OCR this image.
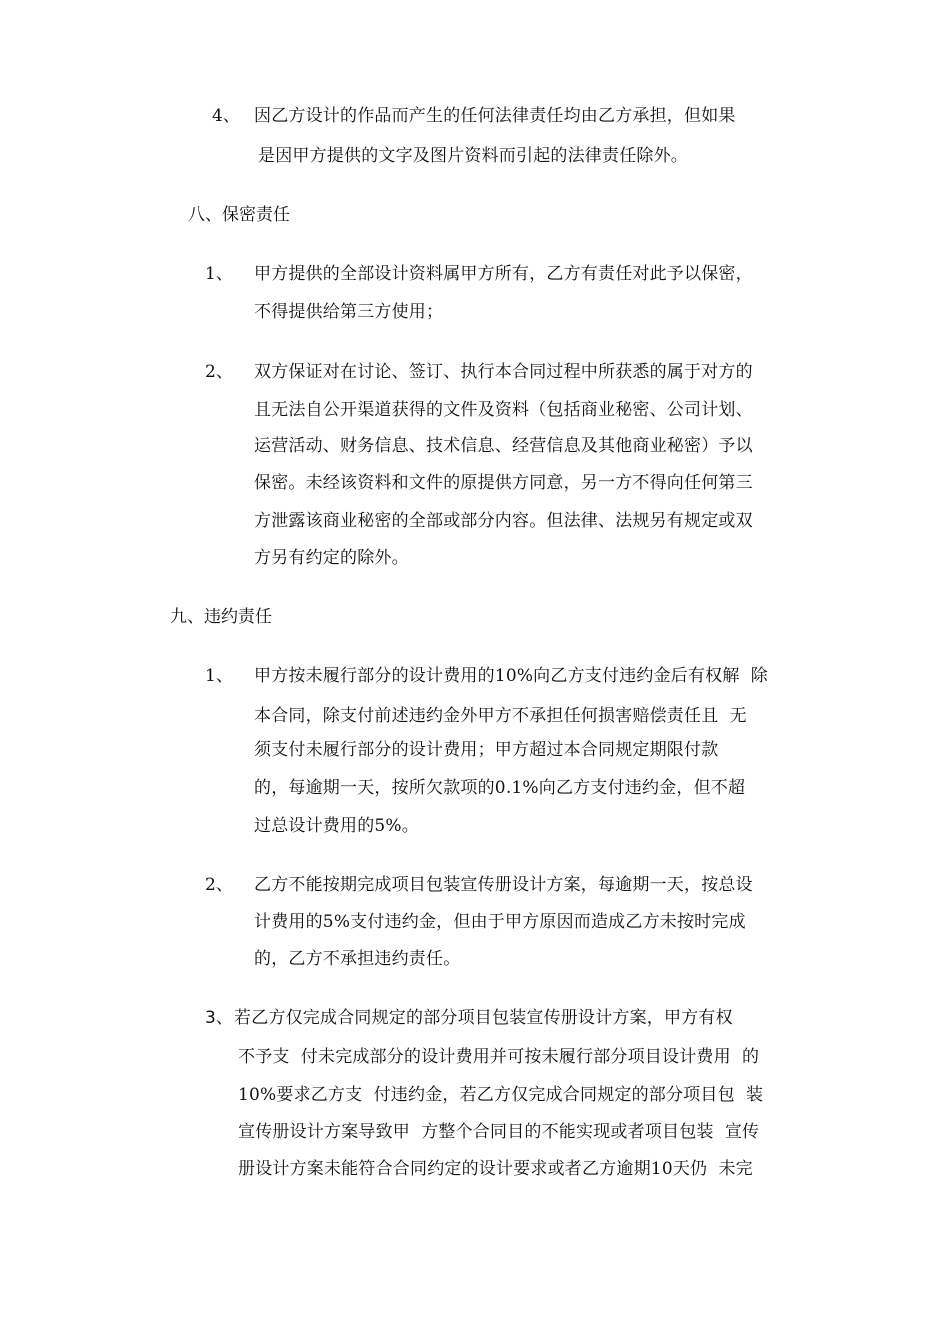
4、 因乙方设计的作品而产生的任何法律责任均由乙方承担，但如果
是因甲方提供的文字及图片资料而引起的法律责任除外。
八、保密责任
1、 甲方提供的全部设计资料属甲方所有，乙方有责任对此予以保密，
不得提供给第三方使用；
2、 双方保证对在讨论、签订、执行本合同过程中所获悉的属于对方的
且无法自公开渠道获得的文件及资料（包括商业秘密、公司计划、
运营活动、财务信息、技术信息、经营信息及其他商业秘密）予以
保密。未经该资料和文件的原提供方同意，另一方不得向任何第三
方泄露该商业秘密的全部或部分内容。但法律、法规另有规定或双
方另有约定的除外。
九、违约责任
1、 甲方按未履行部分的设计费用的10%向乙方支付违约金后有权解  除
本合同，除支付前述违约金外甲方不承担任何损害赔偿责任且  无
须支付未履行部分的设计费用；甲方超过本合同规定期限付款
的，每逾期一天，按所欠款项的0.1%向乙方支付违约金，但不超
过总设计费用的5%。
2、 乙方不能按期完成项目包装宣传册设计方案，每逾期一天，按总设
计费用的5%支付违约金，但由于甲方原因而造成乙方未按时完成
的，乙方不承担违约责任。
3、 若乙方仅完成合同规定的部分项目包装宣传册设计方案，甲方有权
不予支  付未完成部分的设计费用并可按未履行部分项目设计费用  的
10%要求乙方支  付违约金，若乙方仅完成合同规定的部分项目包  装
宣传册设计方案导致甲  方整个合同目的不能实现或者项目包装  宣传
册设计方案未能符合合同约定的设计要求或者乙方逾期10天仍  未完
